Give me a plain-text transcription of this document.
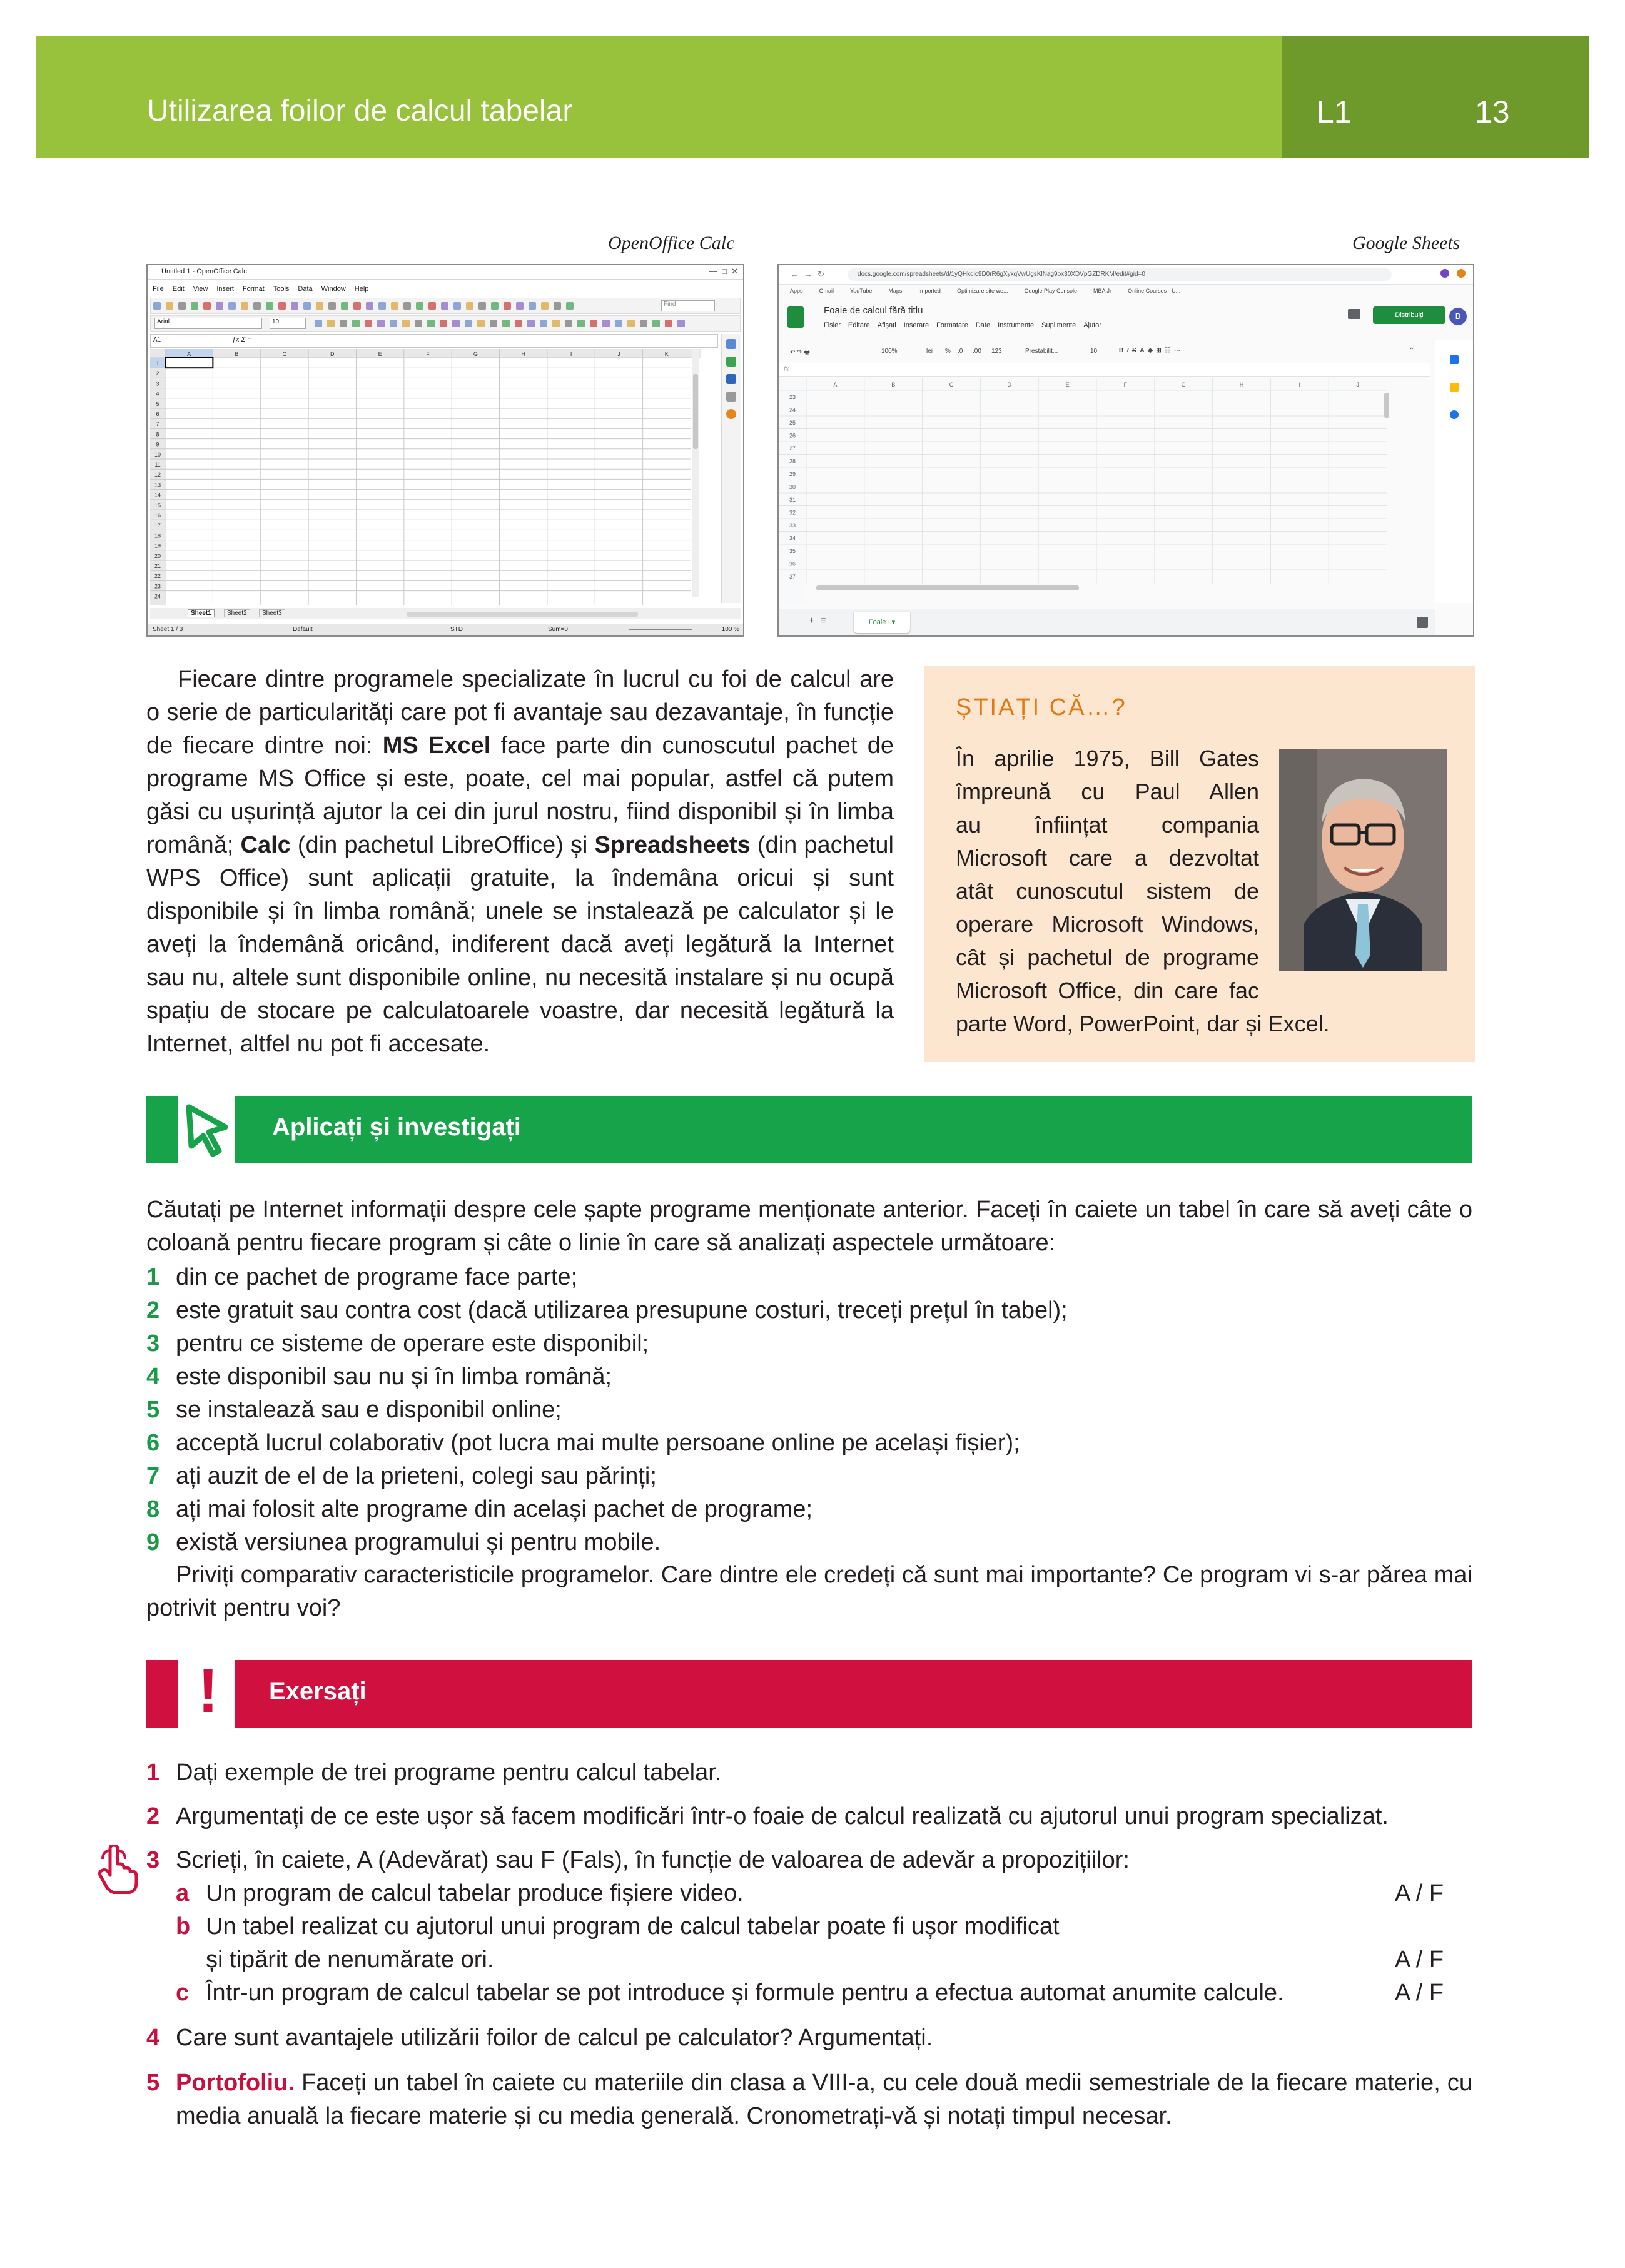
Utilizarea foilor de calcul tabelar	L1	13
OpenOffice Calc	Google Sheets
Untitled 1 - OpenOffice Calc	—  □  ✕
File Edit View Insert Format Tools Data Window Help
Find
Arial	10
A1	ƒx Σ =
A	B	C	D	E	F	G	H	I	J	K
1
2
3
4
5
6
7
8
9
10
11
12
13
14
15
16
17
18
19
20
21
22
23
24
Sheet1	Sheet2	Sheet3
Sheet 1 / 3	Default	STD	Sum=0	100 %
←  →  ↻	docs.google.com/spreadsheets/d/1yQHkqlc9D0rR6gXykqVwUgsKlNag9ox30XDVpGZDRKM/edit#gid=0
Apps	Gmail	YouTube	Maps	Imported	Optimizare site we...	Google Play Console	MBA Jr	Online Courses - U...
Foaie de calcul fără titlu
Fișier Editare Afișați Inserare Formatare Date Instrumente Suplimente Ajutor
Distribuiți	B
↶ ↷ 🖶	100%	lei % .0 .00 123	Prestabilit...	10	B  I S A  ◈  ⊞  ☷  ⋯	⌃
fx
A	B	C	D	E	F	G	H	I	J
23
24
25
26
27
28
29
30
31
32
33
34
35
36
37
+  ≡	Foaie1 ▾
Fiecare dintre programele specializate în lucrul cu foi de calcul are o serie de particularități care pot fi avantaje sau dezavantaje, în funcție de fiecare dintre noi: MS Excel face parte din cunoscutul pachet de programe MS Office și este, poate, cel mai popular, astfel că putem găsi cu ușurință ajutor la cei din jurul nostru, fiind disponibil și în limba română; Calc (din pachetul LibreOffice) și Spreadsheets (din pachetul WPS Office) sunt aplicații gratuite, la îndemâna oricui și sunt disponibile și în limba română; unele se instalează pe calculator și le aveți la îndemână oricând, indiferent dacă aveți legătură la Internet sau nu, altele sunt disponibile online, nu necesită instalare și nu ocupă spațiu de stocare pe calculatoarele voastre, dar necesită legătură la Internet, altfel nu pot fi accesate.
ȘTIAȚI CĂ…?
În aprilie 1975, Bill Gates
împreună cu Paul Allen
au înființat compania
Microsoft care a dezvoltat
atât cunoscutul sistem de
operare Microsoft Windows,
cât și pachetul de programe
Microsoft Office, din care fac
parte Word, PowerPoint, dar și Excel.
Aplicați și investigați
Căutați pe Internet informații despre cele șapte programe menționate anterior. Faceți în caiete un tabel în care să aveți câte o coloană pentru fiecare program și câte o linie în care să analizați aspectele următoare:
1 din ce pachet de programe face parte;
2 este gratuit sau contra cost (dacă utilizarea presupune costuri, treceți prețul în tabel);
3 pentru ce sisteme de operare este disponibil;
4 este disponibil sau nu și în limba română;
5 se instalează sau e disponibil online;
6 acceptă lucrul colaborativ (pot lucra mai multe persoane online pe același fișier);
7 ați auzit de el de la prieteni, colegi sau părinți;
8 ați mai folosit alte programe din același pachet de programe;
9 există versiunea programului și pentru mobile.
Priviți comparativ caracteristicile programelor. Care dintre ele credeți că sunt mai importante? Ce program vi s-ar părea mai potrivit pentru voi?
! Exersați
1 Dați exemple de trei programe pentru calcul tabelar.
2 Argumentați de ce este ușor să facem modificări într-o foaie de calcul realizată cu ajutorul unui program specializat.
3 Scrieți, în caiete, A (Adevărat) sau F (Fals), în funcție de valoarea de adevăr a propozițiilor:
a Un program de calcul tabelar produce fișiere video.	A / F
b Un tabel realizat cu ajutorul unui program de calcul tabelar poate fi ușor modificat
și tipărit de nenumărate ori.	A / F
c Într-un program de calcul tabelar se pot introduce și formule pentru a efectua automat anumite calcule.	A / F
4 Care sunt avantajele utilizării foilor de calcul pe calculator? Argumentați.
5 Portofoliu. Faceți un tabel în caiete cu materiile din clasa a VIII-a, cu cele două medii semestriale de la fiecare materie, cu media anuală la fiecare materie și cu media generală. Cronometrați-vă și notați timpul necesar.
